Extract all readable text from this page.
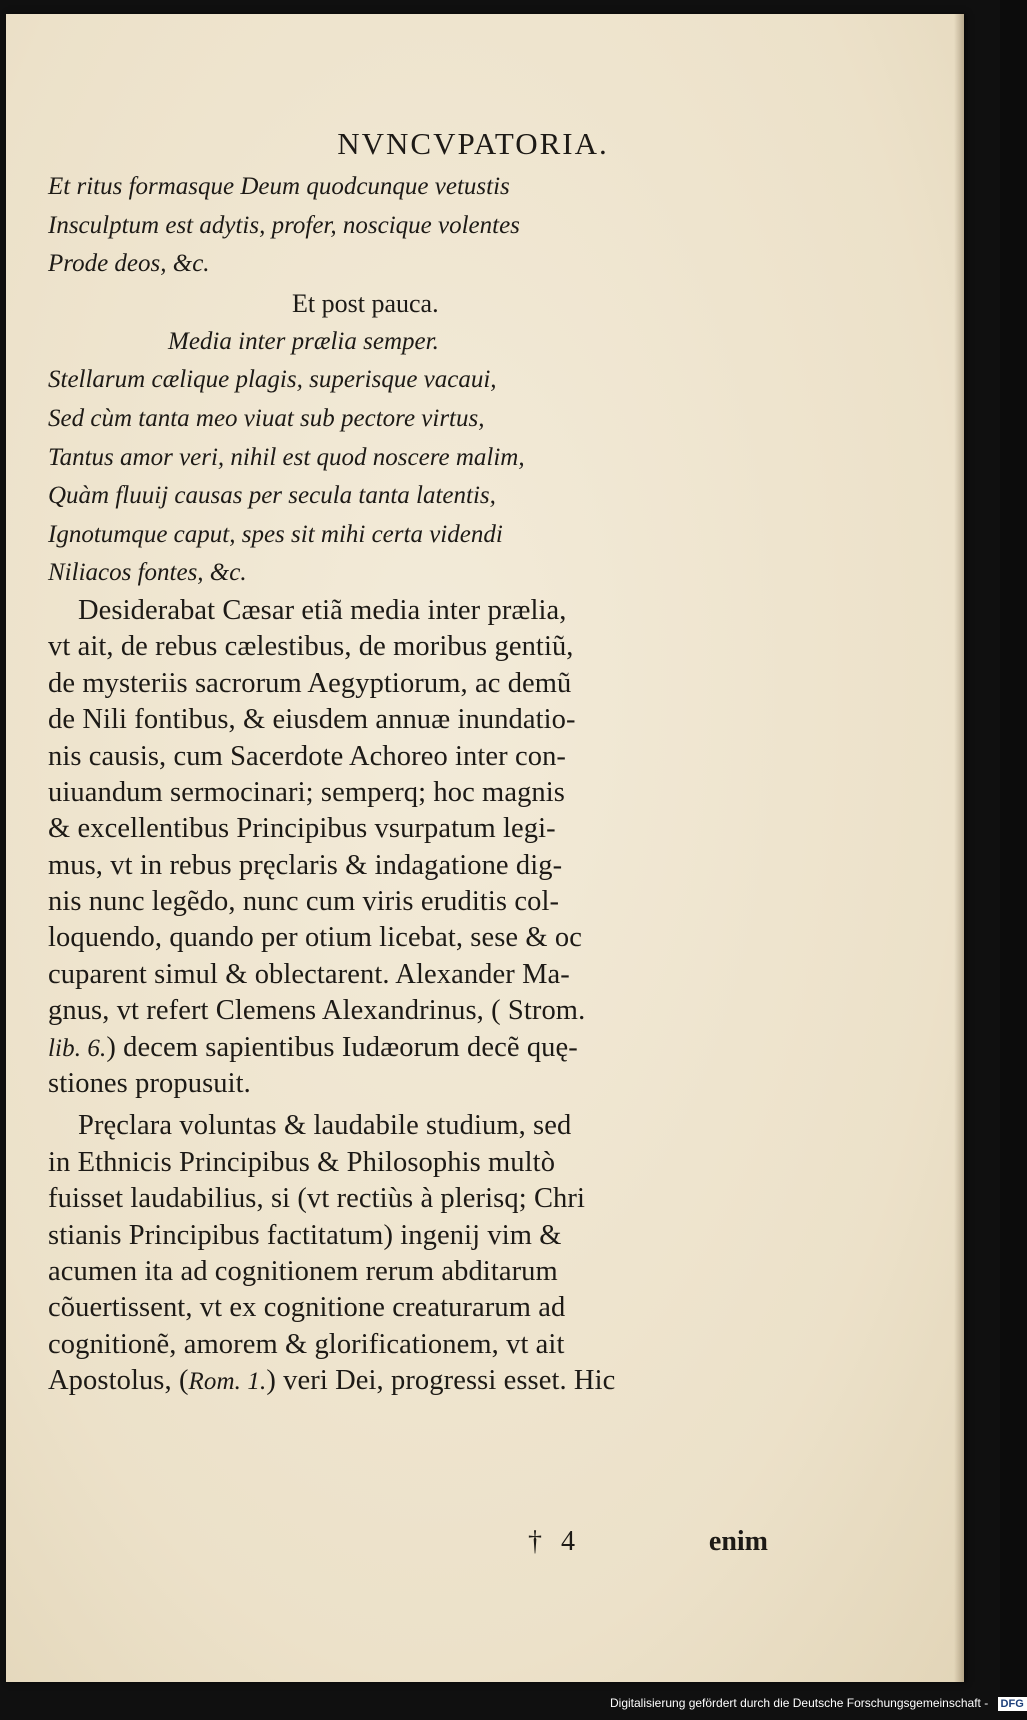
NVNCVPATORIA.
Et ritus formasque Deum quodcunque vetustis
Insculptum est adytis, profer, noscique volentes
Prode deos, &c.
Et post pauca.
Media inter prælia semper.
Stellarum cælique plagis, superisque vacaui,
Sed cùm tanta meo viuat sub pectore virtus,
Tantus amor veri, nihil est quod noscere malim,
Quàm fluuij causas per secula tanta latentis,
Ignotumque caput, spes sit mihi certa videndi
Niliacos fontes, &c.
Desiderabat Cæsar etiã media inter prælia,
vt ait, de rebus cælestibus, de moribus gentiũ,
de mysteriis sacrorum Aegyptiorum, ac demũ
de Nili fontibus, & eiusdem annuæ inundatio-
nis causis, cum Sacerdote Achoreo inter con-
uiuandum sermocinari; semperq; hoc magnis
& excellentibus Principibus vsurpatum legi-
mus, vt in rebus pręclaris & indagatione dig-
nis nunc legẽdo, nunc cum viris eruditis col-
loquendo, quando per otium licebat, sese & oc
cuparent simul & oblectarent. Alexander Ma-
gnus, vt refert Clemens Alexandrinus, ( Strom.
lib. 6.) decem sapientibus Iudæorum decẽ quę-
stiones propusuit.
Pręclara voluntas & laudabile studium, sed
in Ethnicis Principibus & Philosophis multò
fuisset laudabilius, si (vt rectiùs à plerisq; Chri
stianis Principibus factitatum) ingenij vim &
acumen ita ad cognitionem rerum abditarum
cõuertissent, vt ex cognitione creaturarum ad
cognitionẽ, amorem & glorificationem, vt ait
Apostolus, (Rom. 1.) veri Dei, progressi esset. Hic
† 4	enim
Digitalisierung gefördert durch die Deutsche Forschungsgemeinschaft - DFG
